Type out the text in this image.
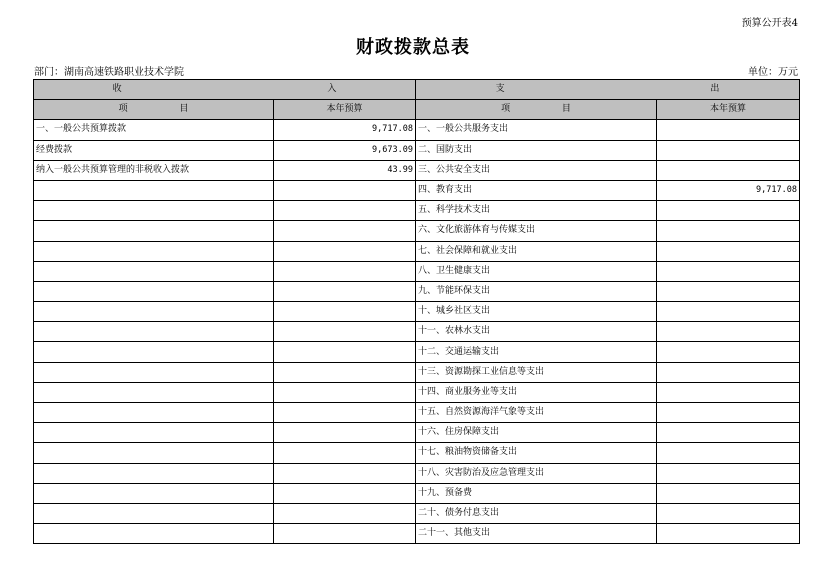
预算公开表4
财政拨款总表
部门：湖南高速铁路职业技术学院	单位：万元
收 入		支 出	
项 目	本年预算	项 目	本年预算
一、一般公共预算拨款	9,717.08	一、一般公共服务支出	
经费拨款	9,673.09	二、国防支出	
纳入一般公共预算管理的非税收入拨款	43.99	三、公共安全支出	
		四、教育支出	9,717.08
		五、科学技术支出	
		六、文化旅游体育与传媒支出	
		七、社会保障和就业支出	
		八、卫生健康支出	
		九、节能环保支出	
		十、城乡社区支出	
		十一、农林水支出	
		十二、交通运输支出	
		十三、资源勘探工业信息等支出	
		十四、商业服务业等支出	
		十五、自然资源海洋气象等支出	
		十六、住房保障支出	
		十七、粮油物资储备支出	
		十八、灾害防治及应急管理支出	
		十九、预备费	
		二十、债务付息支出	
		二十一、其他支出	
